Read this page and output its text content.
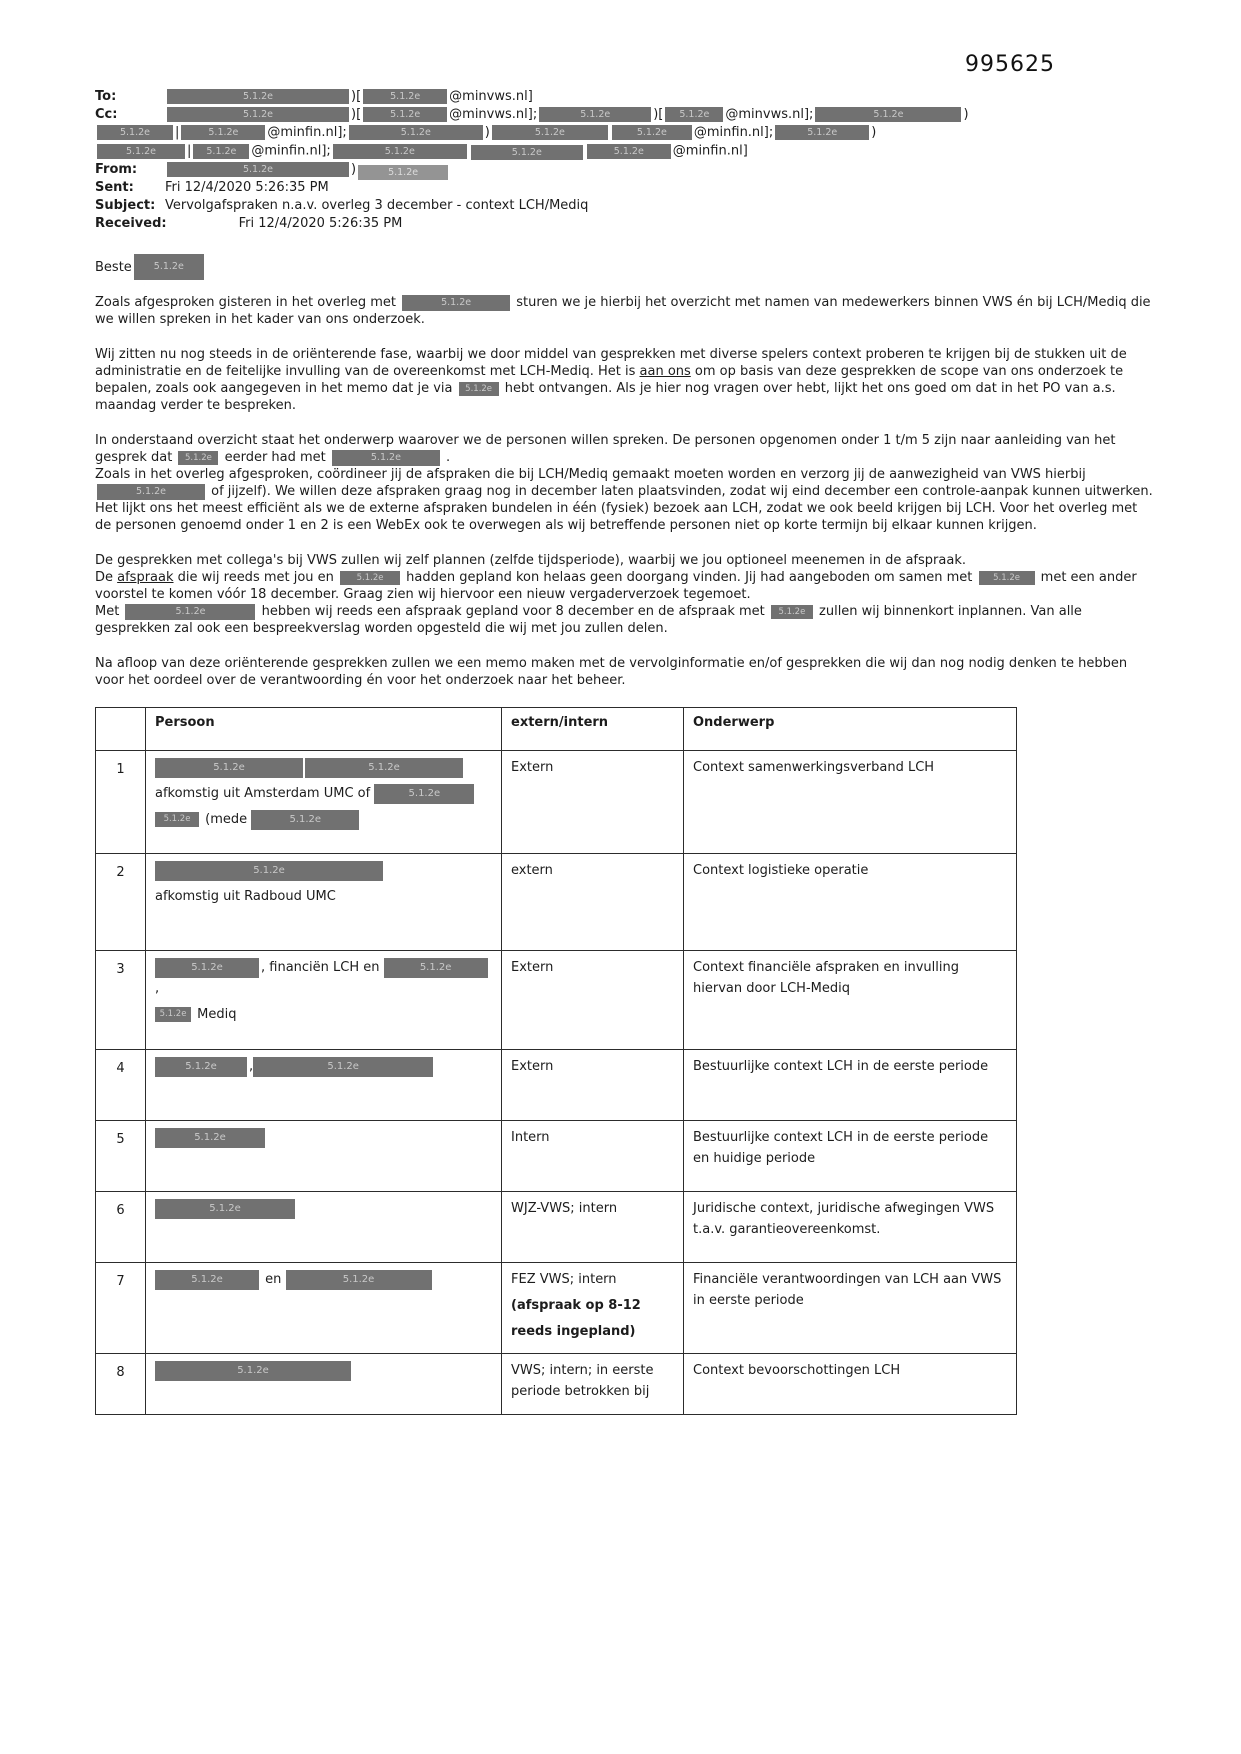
995625
To:	5.1.2e	)[	5.1.2e @minvws.nl]
Cc:	5.1.2e	)[	5.1.2e @minvws.nl];	5.1.2e	)[ 5.1.2e @minvws.nl];	5.1.2e	)
5.1.2e |	5.1.2e @minfin.nl];	5.1.2e	)	5.1.2e	5.1.2e @minfin.nl];	5.1.2e	)
5.1.2e | 5.1.2e @minfin.nl];	5.1.2e	5.1.2e	5.1.2e @minfin.nl]
From:	5.1.2e	)	5.1.2e
Sent:	Fri 12/4/2020 5:26:35 PM
Subject: Vervolgafspraken n.a.v. overleg 3 december - context LCH/Mediq
Received:	Fri 12/4/2020 5:26:35 PM

Beste 5.1.2e

Zoals afgesproken gisteren in het overleg met	5.1.2e	sturen we je hierbij het overzicht met namen van medewerkers binnen VWS én bij LCH/Mediq die we willen spreken in het kader van ons onderzoek.

Wij zitten nu nog steeds in de oriënterende fase, waarbij we door middel van gesprekken met diverse spelers context proberen te krijgen bij de stukken uit de administratie en de feitelijke invulling van de overeenkomst met LCH-Mediq. Het is aan ons om op basis van deze gesprekken de scope van ons onderzoek te bepalen, zoals ook aangegeven in het memo dat je via 5.1.2e hebt ontvangen. Als je hier nog vragen over hebt, lijkt het ons goed om dat in het PO van a.s. maandag verder te bespreken.

In onderstaand overzicht staat het onderwerp waarover we de personen willen spreken. De personen opgenomen onder 1 t/m 5 zijn naar aanleiding van het gesprek dat 5.1.2e eerder had met	5.1.2e	.
Zoals in het overleg afgesproken, coördineer jij de afspraken die bij LCH/Mediq gemaakt moeten worden en verzorg jij de aanwezigheid van VWS hierbij 5.1.2e	of jijzelf). We willen deze afspraken graag nog in december laten plaatsvinden, zodat wij eind december een controle-aanpak kunnen uitwerken. Het lijkt ons het meest efficiënt als we de externe afspraken bundelen in één (fysiek) bezoek aan LCH, zodat we ook beeld krijgen bij LCH. Voor het overleg met de personen genoemd onder 1 en 2 is een WebEx ook te overwegen als wij betreffende personen niet op korte termijn bij elkaar kunnen krijgen.

De gesprekken met collega's bij VWS zullen wij zelf plannen (zelfde tijdsperiode), waarbij we jou optioneel meenemen in de afspraak.
De afspraak die wij reeds met jou en 5.1.2e hadden gepland kon helaas geen doorgang vinden. Jij had aangeboden om samen met 5.1.2e met een ander voorstel te komen vóór 18 december. Graag zien wij hiervoor een nieuw vergaderverzoek tegemoet.
Met	5.1.2e	hebben wij reeds een afspraak gepland voor 8 december en de afspraak met 5.1.2e zullen wij binnenkort inplannen. Van alle gesprekken zal ook een bespreekverslag worden opgesteld die wij met jou zullen delen.

Na afloop van deze oriënterende gesprekken zullen we een memo maken met de vervolginformatie en/of gesprekken die wij dan nog nodig denken te hebben voor het oordeel over de verantwoording én voor het onderzoek naar het beheer.

	Persoon	extern/intern	Onderwerp
1	5.1.2e 5.1.2e
afkomstig uit Amsterdam UMC of 5.1.2e
5.1.2e (mede 5.1.2e	Extern	Context samenwerkingsverband LCH

2	5.1.2e
afkomstig uit Radboud UMC	extern	Context logistieke operatie

3	5.1.2e , financiën LCH en 5.1.2e,
5.1.2e Mediq	Extern	Context financiële afspraken en invulling hiervan door LCH-Mediq

4	5.1.2e , 5.1.2e	Extern	Bestuurlijke context LCH in de eerste periode

5	5.1.2e	Intern	Bestuurlijke context LCH in de eerste periode en huidige periode

6	5.1.2e	WJZ-VWS; intern	Juridische context, juridische afwegingen VWS t.a.v. garantieovereenkomst.

7	5.1.2e en 5.1.2e	FEZ VWS; intern
(afspraak op 8-12
reeds ingepland)	Financiële verantwoordingen van LCH aan VWS in eerste periode

8	5.1.2e	VWS; intern; in eerste periode betrokken bij	Context bevoorschottingen LCH
